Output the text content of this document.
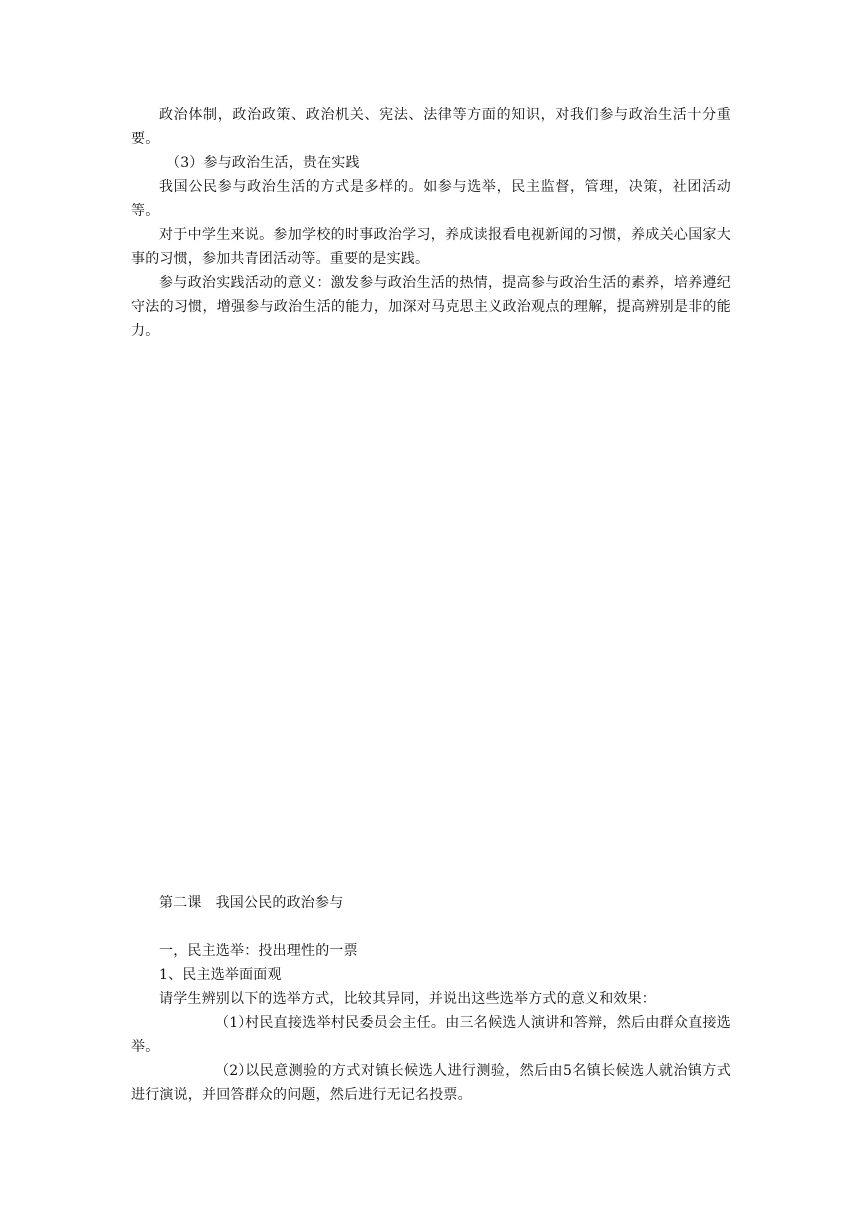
政治体制，政治政策、政治机关、宪法、法律等方面的知识，对我们参与政治生活十分重要。

（3）参与政治生活，贵在实践

我国公民参与政治生活的方式是多样的。如参与选举，民主监督，管理，决策，社团活动等。

对于中学生来说。参加学校的时事政治学习，养成读报看电视新闻的习惯，养成关心国家大事的习惯，参加共青团活动等。重要的是实践。

参与政治实践活动的意义：激发参与政治生活的热情，提高参与政治生活的素养，培养遵纪守法的习惯，增强参与政治生活的能力，加深对马克思主义政治观点的理解，提高辨别是非的能力。

第二课 我国公民的政治参与

一，民主选举：投出理性的一票

1、民主选举面面观

请学生辨别以下的选举方式，比较其异同，并说出这些选举方式的意义和效果：

（1）村民直接选举村民委员会主任。由三名候选人演讲和答辩，然后由群众直接选举。

（2）以民意测验的方式对镇长候选人进行测验，然后由5名镇长候选人就治镇方式进行演说，并回答群众的问题，然后进行无记名投票。
